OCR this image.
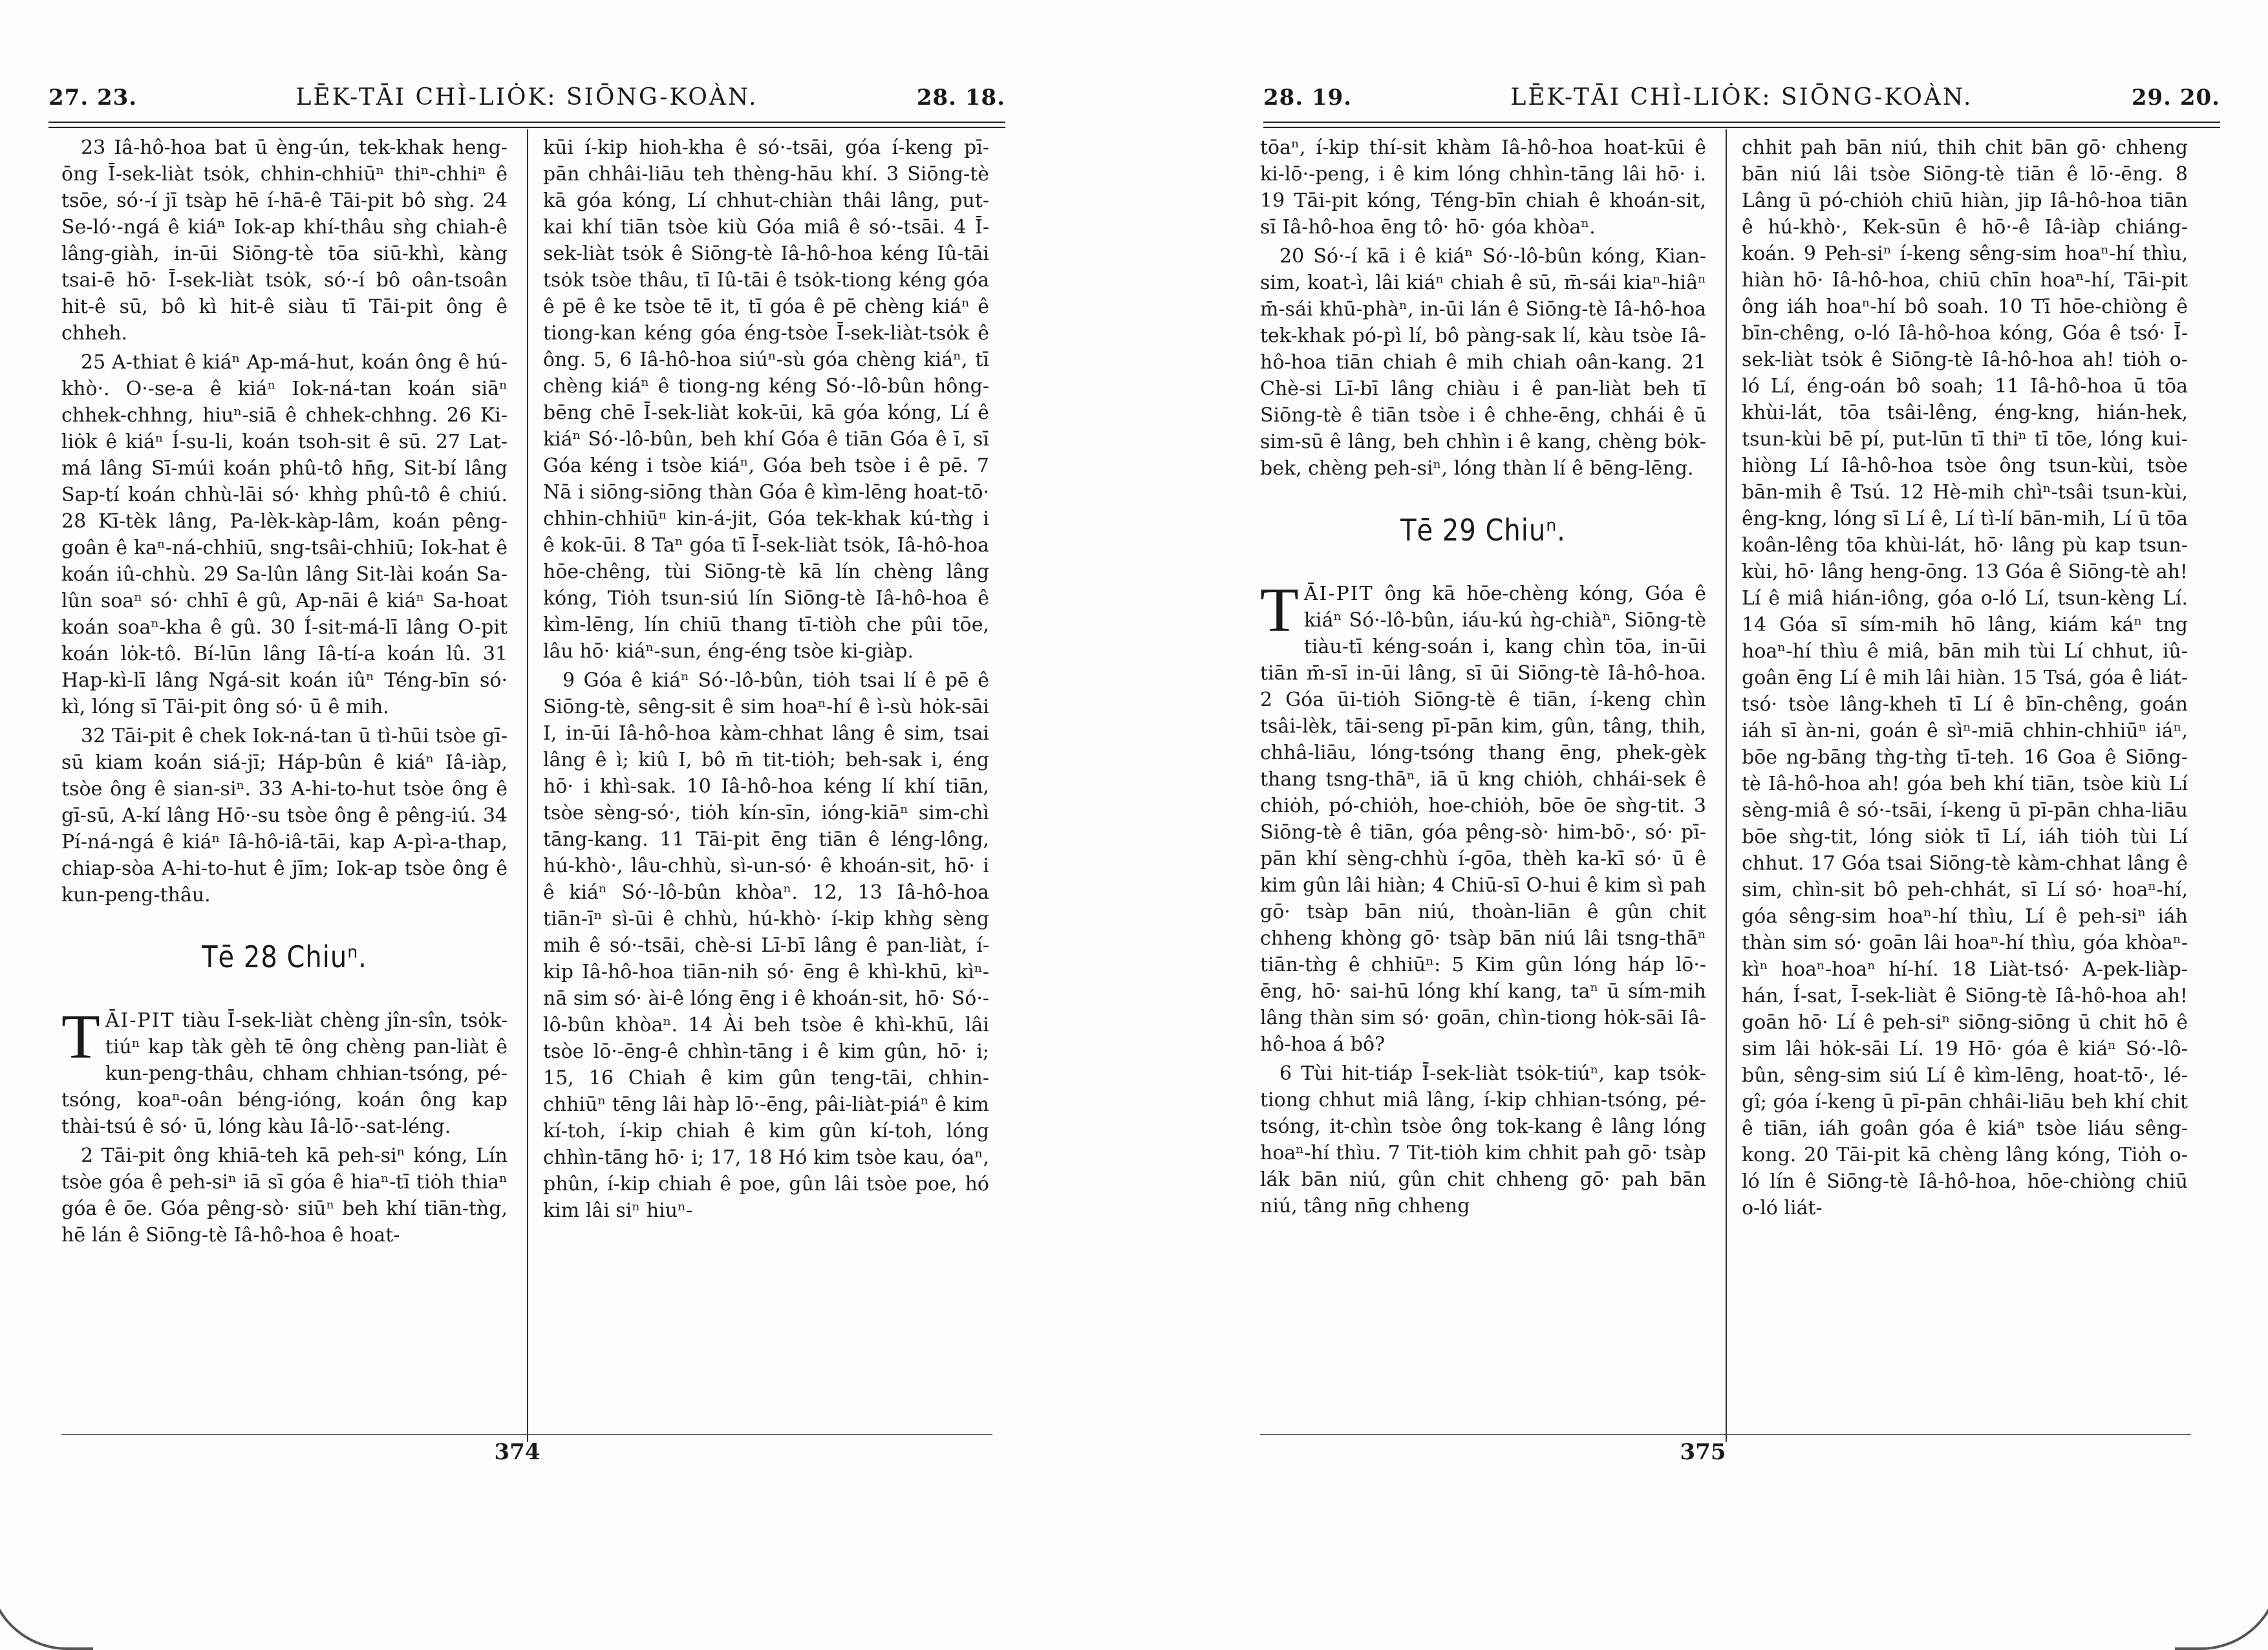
27. 23.	LĒK-TĀI CHÌ-LIȮK: SIŌNG-KOÀN.	28. 18.

23 Iâ-hô-hoa bat ū èng-ún, tek-khak heng-ōng Ī-sek-liàt tsȯk, chhin-chhiūⁿ thiⁿ-chhiⁿ ê tsōe, só·-í jī tsàp hē í-hā-ê Tāi-pit bô sǹg. 24 Se-ló·-ngá ê kiáⁿ Iok-ap khí-thâu sǹg chiah-ê lâng-giàh, in-ūi Siōng-tè tōa siū-khì, kàng tsai-ē hō· Ī-sek-liàt tsȯk, só·-í bô oân-tsoân hit-ê sū, bô kì hit-ê siàu tī Tāi-pit ông ê chheh.

25 A-thiat ê kiáⁿ Ap-má-hut, koán ông ê hú-khò·. O·-se-a ê kiáⁿ Iok-ná-tan koán siāⁿ chhek-chhng, hiuⁿ-siā ê chhek-chhng. 26 Ki-liȯk ê kiáⁿ Í-su-li, koán tsoh-sit ê sū. 27 Lat-má lâng Sī-múi koán phû-tô hn̄g, Sit-bí lâng Sap-tí koán chhù-lāi só· khǹg phû-tô ê chiú. 28 Kī-tèk lâng, Pa-lèk-kàp-lâm, koán pêng-goân ê kaⁿ-ná-chhiū, sng-tsâi-chhiū; Iok-hat ê koán iû-chhù. 29 Sa-lûn lâng Sit-lài koán Sa-lûn soaⁿ só· chhī ê gû, Ap-nāi ê kiáⁿ Sa-hoat koán soaⁿ-kha ê gû. 30 Í-sit-má-lī lâng O-pit koán lȯk-tô. Bí-lūn lâng Iâ-tí-a koán lû. 31 Hap-kì-lī lâng Ngá-sit koán iûⁿ Téng-bīn só· kì, lóng sī Tāi-pit ông só· ū ê mih.

32 Tāi-pit ê chek Iok-ná-tan ū tì-hūi tsòe gī-sū kiam koán siá-jī; Háp-bûn ê kiáⁿ Iâ-iàp, tsòe ông ê sian-siⁿ. 33 A-hi-to-hut tsòe ông ê gī-sū, A-kí lâng Hō·-su tsòe ông ê pêng-iú. 34 Pí-ná-ngá ê kiáⁿ Iâ-hô-iâ-tāi, kap A-pì-a-thap, chiap-sòa A-hi-to-hut ê jīm; Iok-ap tsòe ông ê kun-peng-thâu.

Tē 28 Chiuⁿ.

TĀI-PIT tiàu Ī-sek-liàt chèng jîn-sîn, tsȯk-tiúⁿ kap tàk gèh tē ông chèng pan-liàt ê kun-peng-thâu, chham chhian-tsóng, pé-tsóng, koaⁿ-oân béng-ióng, koán ông kap thài-tsú ê só· ū, lóng kàu Iâ-lō·-sat-léng.

2 Tāi-pit ông khiā-teh kā peh-siⁿ kóng, Lín tsòe góa ê peh-siⁿ iā sī góa ê hiaⁿ-tī tiȯh thiaⁿ góa ê ōe. Góa pêng-sò· siūⁿ beh khí tiān-tǹg, hē lán ê Siōng-tè Iâ-hô-hoa ê hoat-

kūi í-kip hioh-kha ê só·-tsāi, góa í-keng pī-pān chhâi-liāu teh thèng-hāu khí. 3 Siōng-tè kā góa kóng, Lí chhut-chiàn thâi lâng, put-kai khí tiān tsòe kiù Góa miâ ê só·-tsāi. 4 Ī-sek-liàt tsȯk ê Siōng-tè Iâ-hô-hoa kéng Iû-tāi tsȯk tsòe thâu, tī Iû-tāi ê tsȯk-tiong kéng góa ê pē ê ke tsòe tē it, tī góa ê pē chèng kiáⁿ ê tiong-kan kéng góa éng-tsòe Ī-sek-liàt-tsȯk ê ông. 5, 6 Iâ-hô-hoa siúⁿ-sù góa chèng kiáⁿ, tī chèng kiáⁿ ê tiong-ng kéng Só·-lô-bûn hông-bēng chē Ī-sek-liàt kok-ūi, kā góa kóng, Lí ê kiáⁿ Só·-lô-bûn, beh khí Góa ê tiān Góa ê ī, sī Góa kéng i tsòe kiáⁿ, Góa beh tsòe i ê pē. 7 Nā i siōng-siōng thàn Góa ê kìm-lēng hoat-tō· chhin-chhiūⁿ kin-á-jit, Góa tek-khak kú-tǹg i ê kok-ūi. 8 Taⁿ góa tī Ī-sek-liàt tsȯk, Iâ-hô-hoa hōe-chêng, tùi Siōng-tè kā lín chèng lâng kóng, Tiȯh tsun-siú lín Siōng-tè Iâ-hô-hoa ê kìm-lēng, lín chiū thang tī-tiòh che pûi tōe, lâu hō· kiáⁿ-sun, éng-éng tsòe ki-giàp.

9 Góa ê kiáⁿ Só·-lô-bûn, tiȯh tsai lí ê pē ê Siōng-tè, sêng-sit ê sim hoaⁿ-hí ê ì-sù hȯk-sāi I, in-ūi Iâ-hô-hoa kàm-chhat lâng ê sim, tsai lâng ê ì; kiû I, bô m̄ tit-tiȯh; beh-sak i, éng hō· i khì-sak. 10 Iâ-hô-hoa kéng lí khí tiān, tsòe sèng-só·, tiȯh kín-sīn, ióng-kiāⁿ sim-chì tāng-kang. 11 Tāi-pit ēng tiān ê léng-lông, hú-khò·, lâu-chhù, sì-un-só· ê khoán-sit, hō· i ê kiáⁿ Só·-lô-bûn khòaⁿ. 12, 13 Iâ-hô-hoa tiān-īⁿ sì-ūi ê chhù, hú-khò· í-kip khǹg sèng mih ê só·-tsāi, chè-si Lī-bī lâng ê pan-liàt, í-kip Iâ-hô-hoa tiān-nih só· ēng ê khì-khū, kìⁿ-nā sim só· ài-ê lóng ēng i ê khoán-sit, hō· Só·-lô-bûn khòaⁿ. 14 Ài beh tsòe ê khì-khū, lâi tsòe lō·-ēng-ê chhìn-tāng i ê kim gûn, hō· i; 15, 16 Chiah ê kim gûn teng-tāi, chhin-chhiūⁿ tēng lâi hàp lō·-ēng, pâi-liàt-piáⁿ ê kim kí-toh, í-kip chiah ê kim gûn kí-toh, lóng chhìn-tāng hō· i; 17, 18 Hó kim tsòe kau, óaⁿ, phûn, í-kip chiah ê poe, gûn lâi tsòe poe, hó kim lâi siⁿ hiuⁿ-

374
28. 19.	LĒK-TĀI CHÌ-LIȮK: SIŌNG-KOÀN.	29. 20.

tōaⁿ, í-kip thí-sit khàm Iâ-hô-hoa hoat-kūi ê ki-lō·-peng, i ê kim lóng chhìn-tāng lâi hō· i. 19 Tāi-pit kóng, Téng-bīn chiah ê khoán-sit, sī Iâ-hô-hoa ēng tô· hō· góa khòaⁿ.

20 Só·-í kā i ê kiáⁿ Só·-lô-bûn kóng, Kian-sim, koat-ì, lâi kiáⁿ chiah ê sū, m̄-sái kiaⁿ-hiâⁿ m̄-sái khū-phàⁿ, in-ūi lán ê Siōng-tè Iâ-hô-hoa tek-khak pó-pì lí, bô pàng-sak lí, kàu tsòe Iâ-hô-hoa tiān chiah ê mih chiah oân-kang. 21 Chè-si Lī-bī lâng chiàu i ê pan-liàt beh tī Siōng-tè ê tiān tsòe i ê chhe-ēng, chhái ê ū sim-sū ê lâng, beh chhìn i ê kang, chèng bȯk-bek, chèng peh-siⁿ, lóng thàn lí ê bēng-lēng.

Tē 29 Chiuⁿ.

TĀI-PIT ông kā hōe-chèng kóng, Góa ê kiáⁿ Só·-lô-bûn, iáu-kú ǹg-chiàⁿ, Siōng-tè tiàu-tī kéng-soán i, kang chìn tōa, in-ūi tiān m̄-sī in-ūi lâng, sī ūi Siōng-tè Iâ-hô-hoa. 2 Góa ūi-tiȯh Siōng-tè ê tiān, í-keng chìn tsâi-lèk, tāi-seng pī-pān kim, gûn, tâng, thih, chhâ-liāu, lóng-tsóng thang ēng, phek-gèk thang tsng-thāⁿ, iā ū kng chiȯh, chhái-sek ê chiȯh, pó-chiȯh, hoe-chiȯh, bōe ōe sǹg-tit. 3 Siōng-tè ê tiān, góa pêng-sò· him-bō·, só· pī-pān khí sèng-chhù í-gōa, thèh ka-kī só· ū ê kim gûn lâi hiàn; 4 Chiū-sī O-hui ê kim sì pah gō· tsàp bān niú, thoàn-liān ê gûn chit chheng khòng gō· tsàp bān niú lâi tsng-thāⁿ tiān-tǹg ê chhiūⁿ: 5 Kim gûn lóng háp lō·-ēng, hō· sai-hū lóng khí kang, taⁿ ū sím-mih lâng thàn sim só· goān, chìn-tiong hȯk-sāi Iâ-hô-hoa á bô?

6 Tùi hit-tiáp Ī-sek-liàt tsȯk-tiúⁿ, kap tsȯk-tiong chhut miâ lâng, í-kip chhian-tsóng, pé-tsóng, it-chìn tsòe ông tok-kang ê lâng lóng hoaⁿ-hí thìu. 7 Tit-tiȯh kim chhit pah gō· tsàp lák bān niú, gûn chit chheng gō· pah bān niú, tâng nn̄g chheng

chhit pah bān niú, thih chit bān gō· chheng bān niú lâi tsòe Siōng-tè tiān ê lō·-ēng. 8 Lâng ū pó-chiȯh chiū hiàn, jip Iâ-hô-hoa tiān ê hú-khò·, Kek-sūn ê hō·-ê Iâ-iàp chiáng-koán. 9 Peh-siⁿ í-keng sêng-sim hoaⁿ-hí thìu, hiàn hō· Iâ-hô-hoa, chiū chīn hoaⁿ-hí, Tāi-pit ông iáh hoaⁿ-hí bô soah. 10 Tī hōe-chiòng ê bīn-chêng, o-ló Iâ-hô-hoa kóng, Góa ê tsó· Ī-sek-liàt tsȯk ê Siōng-tè Iâ-hô-hoa ah! tiȯh o-ló Lí, éng-oán bô soah; 11 Iâ-hô-hoa ū tōa khùi-lát, tōa tsâi-lêng, éng-kng, hián-hek, tsun-kùi bē pí, put-lūn tī thiⁿ tī tōe, lóng kui-hiòng Lí Iâ-hô-hoa tsòe ông tsun-kùi, tsòe bān-mih ê Tsú. 12 Hè-mih chìⁿ-tsâi tsun-kùi, êng-kng, lóng sī Lí ê, Lí tì-lí bān-mih, Lí ū tōa koân-lêng tōa khùi-lát, hō· lâng pù kap tsun-kùi, hō· lâng heng-ōng. 13 Góa ê Siōng-tè ah! Lí ê miâ hián-iông, góa o-ló Lí, tsun-kèng Lí. 14 Góa sī sím-mih hō lâng, kiám káⁿ tng hoaⁿ-hí thìu ê miâ, bān mih tùi Lí chhut, iû-goân ēng Lí ê mih lâi hiàn. 15 Tsá, góa ê liát-tsó· tsòe lâng-kheh tī Lí ê bīn-chêng, goán iáh sī àn-ni, goán ê sìⁿ-miā chhin-chhiūⁿ iáⁿ, bōe ng-bāng tǹg-tǹg tī-teh. 16 Goa ê Siōng-tè Iâ-hô-hoa ah! góa beh khí tiān, tsòe kiù Lí sèng-miâ ê só·-tsāi, í-keng ū pī-pān chha-liāu bōe sǹg-tit, lóng siȯk tī Lí, iáh tiȯh tùi Lí chhut. 17 Góa tsai Siōng-tè kàm-chhat lâng ê sim, chìn-sit bô peh-chhát, sī Lí só· hoaⁿ-hí, góa sêng-sim hoaⁿ-hí thìu, Lí ê peh-siⁿ iáh thàn sim só· goān lâi hoaⁿ-hí thìu, góa khòaⁿ-kìⁿ hoaⁿ-hoaⁿ hí-hí. 18 Liàt-tsó· A-pek-liàp-hán, Í-sat, Ī-sek-liàt ê Siōng-tè Iâ-hô-hoa ah! goān hō· Lí ê peh-siⁿ siōng-siōng ū chit hō ê sim lâi hȯk-sāi Lí. 19 Hō· góa ê kiáⁿ Só·-lô-bûn, sêng-sim siú Lí ê kìm-lēng, hoat-tō·, lé-gî; góa í-keng ū pī-pān chhâi-liāu beh khí chit ê tiān, iáh goân góa ê kiáⁿ tsòe liáu sêng-kong. 20 Tāi-pit kā chèng lâng kóng, Tiȯh o-ló lín ê Siōng-tè Iâ-hô-hoa, hōe-chiòng chiū o-ló liát-

375
